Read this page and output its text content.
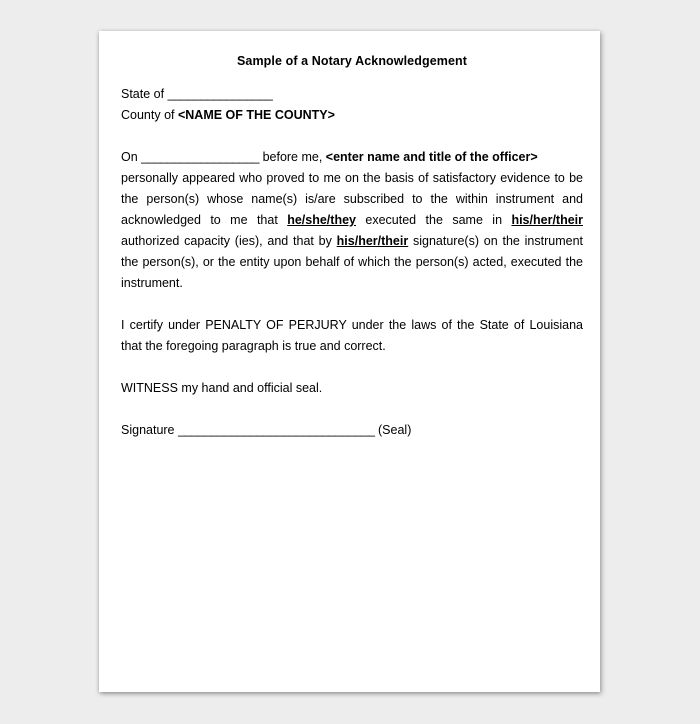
Sample of a Notary Acknowledgement

State of ________________

County of <NAME OF THE COUNTY>

On __________________ before me, <enter name and title of the officer>

personally appeared who proved to me on the basis of satisfactory evidence to be the person(s) whose name(s) is/are subscribed to the within instrument and acknowledged to me that he/she/they executed the same in his/her/their authorized capacity (ies), and that by his/her/their signature(s) on the instrument the person(s), or the entity upon behalf of which the person(s) acted, executed the instrument.

I certify under PENALTY OF PERJURY under the laws of the State of Louisiana that the foregoing paragraph is true and correct.

WITNESS my hand and official seal.

Signature ______________________________ (Seal)
